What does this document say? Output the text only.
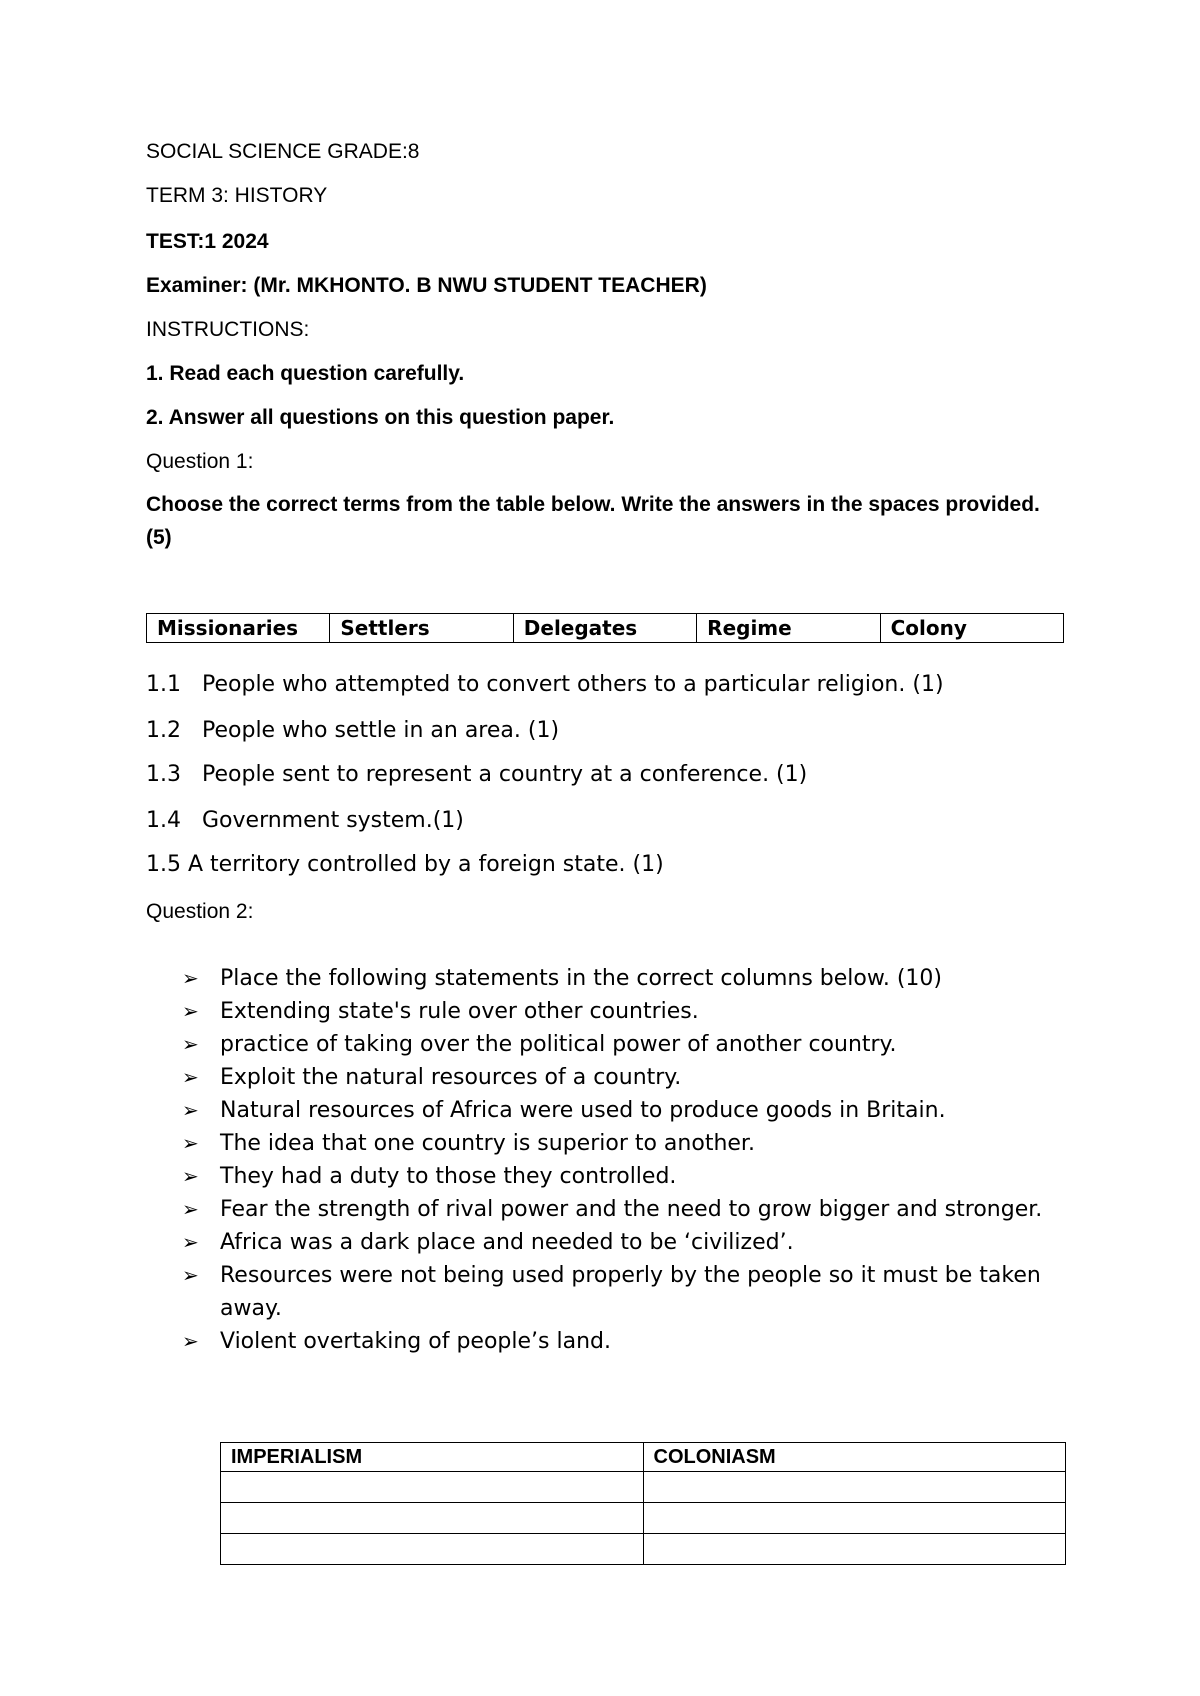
SOCIAL SCIENCE GRADE:8
TERM 3: HISTORY
TEST:1 2024
Examiner: (Mr. MKHONTO. B NWU STUDENT TEACHER)
INSTRUCTIONS:
1. Read each question carefully.
2. Answer all questions on this question paper.
Question 1:
Choose the correct terms from the table below. Write the answers in the spaces provided. (5)
Missionaries	Settlers	Delegates	Regime	Colony
1.1 People who attempted to convert others to a particular religion. (1)
1.2 People who settle in an area. (1)
1.3 People sent to represent a country at a conference. (1)
1.4 Government system.(1)
1.5 A territory controlled by a foreign state. (1)
Question 2:
➢ Place the following statements in the correct columns below. (10)
➢ Extending state's rule over other countries.
➢ practice of taking over the political power of another country.
➢ Exploit the natural resources of a country.
➢ Natural resources of Africa were used to produce goods in Britain.
➢ The idea that one country is superior to another.
➢ They had a duty to those they controlled.
➢ Fear the strength of rival power and the need to grow bigger and stronger.
➢ Africa was a dark place and needed to be ‘civilized’.
➢ Resources were not being used properly by the people so it must be taken away.
➢ Violent overtaking of people’s land.
IMPERIALISM	COLONIASM
